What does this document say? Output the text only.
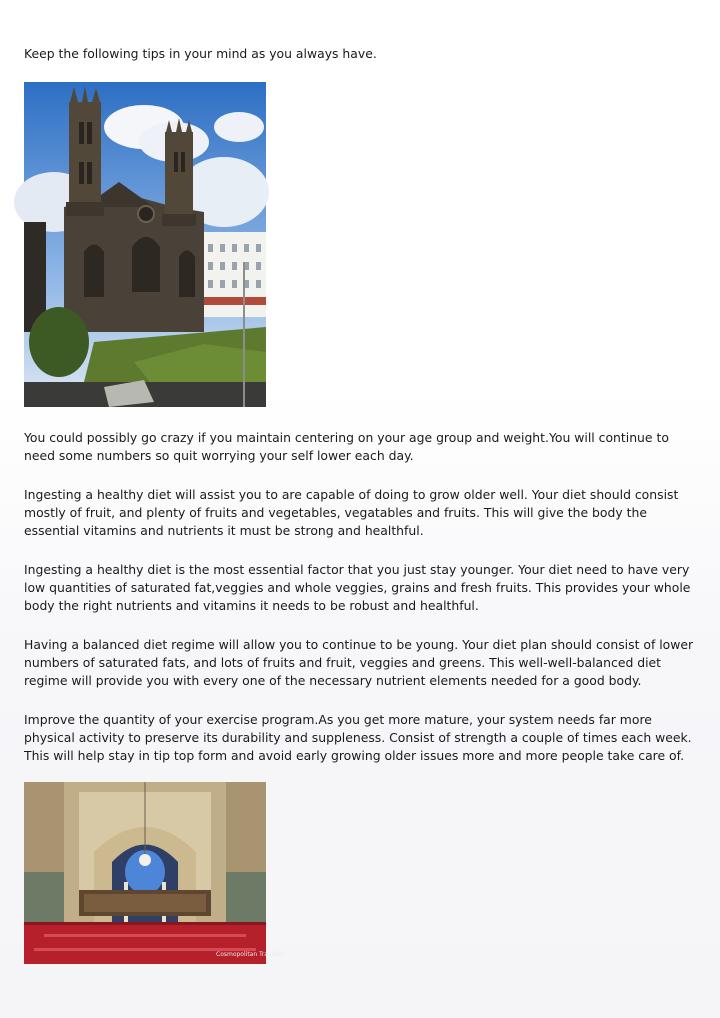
Keep the following tips in your mind as you always have.

You could possibly go crazy if you maintain centering on your age group and weight.You will continue to need some numbers so quit worrying your self lower each day.

Ingesting a healthy diet will assist you to are capable of doing to grow older well. Your diet should consist mostly of fruit, and plenty of fruits and vegetables, vegatables and fruits. This will give the body the essential vitamins and nutrients it must be strong and healthful.

Ingesting a healthy diet is the most essential factor that you just stay younger. Your diet need to have very low quantities of saturated fat,veggies and whole veggies, grains and fresh fruits. This provides your whole body the right nutrients and vitamins it needs to be robust and healthful.

Having a balanced diet regime will allow you to continue to be young. Your diet plan should consist of lower numbers of saturated fats, and lots of fruits and fruit, veggies and greens. This well-well-balanced diet regime will provide you with every one of the necessary nutrient elements needed for a good body.

Improve the quantity of your exercise program.As you get more mature, your system needs far more physical activity to preserve its durability and suppleness. Consist of strength a couple of times each week. This will help stay in tip top form and avoid early growing older issues more and more people take care of.

Cosmopolitan Traveller
